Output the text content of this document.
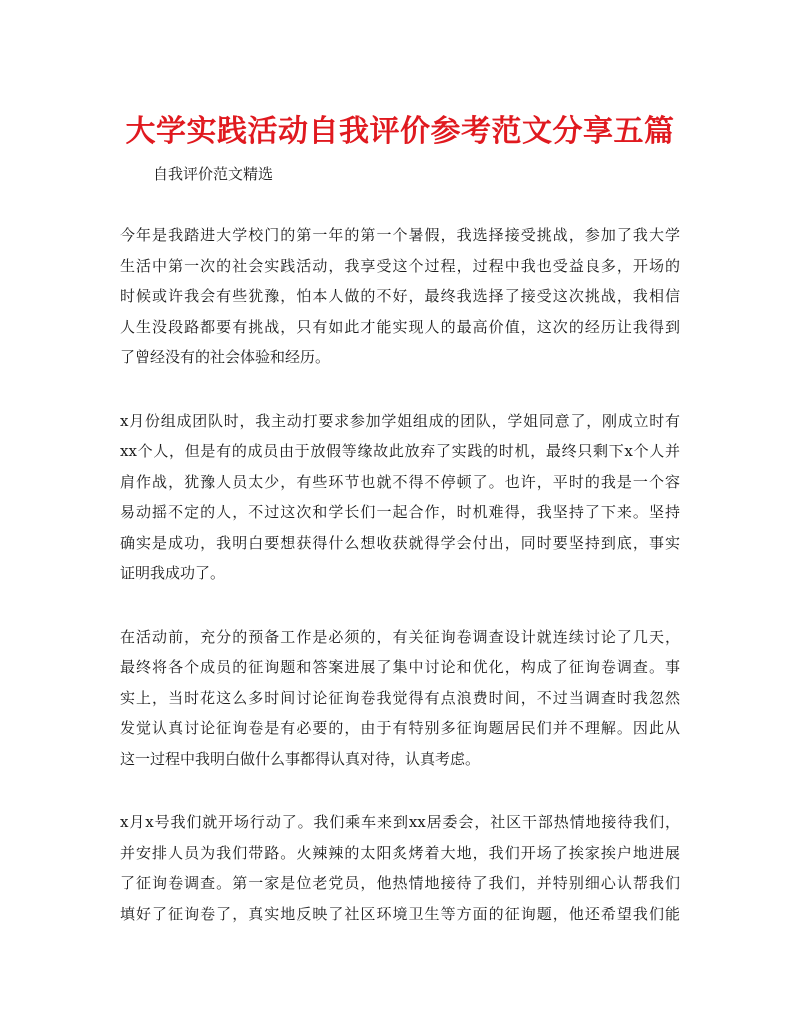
大学实践活动自我评价参考范文分享五篇

自我评价范文精选

今年是我踏进大学校门的第一年的第一个暑假，我选择接受挑战，参加了我大学
生活中第一次的社会实践活动，我享受这个过程，过程中我也受益良多，开场的
时候或许我会有些犹豫，怕本人做的不好，最终我选择了接受这次挑战，我相信
人生没段路都要有挑战，只有如此才能实现人的最高价值，这次的经历让我得到
了曾经没有的社会体验和经历。
x月份组成团队时，我主动打要求参加学姐组成的团队，学姐同意了，刚成立时有
xx个人，但是有的成员由于放假等缘故此放弃了实践的时机，最终只剩下x个人并
肩作战，犹豫人员太少，有些环节也就不得不停顿了。也许，平时的我是一个容
易动摇不定的人，不过这次和学长们一起合作，时机难得，我坚持了下来。坚持
确实是成功，我明白要想获得什么想收获就得学会付出，同时要坚持到底，事实
证明我成功了。
在活动前，充分的预备工作是必须的，有关征询卷调查设计就连续讨论了几天，
最终将各个成员的征询题和答案进展了集中讨论和优化，构成了征询卷调查。事
实上，当时花这么多时间讨论征询卷我觉得有点浪费时间，不过当调查时我忽然
发觉认真讨论征询卷是有必要的，由于有特别多征询题居民们并不理解。因此从
这一过程中我明白做什么事都得认真对待，认真考虑。
x月x号我们就开场行动了。我们乘车来到xx居委会，社区干部热情地接待我们，
并安排人员为我们带路。火辣辣的太阳炙烤着大地，我们开场了挨家挨户地进展
了征询卷调查。第一家是位老党员，他热情地接待了我们，并特别细心认帮我们
填好了征询卷了，真实地反映了社区环境卫生等方面的征询题，他还希望我们能
